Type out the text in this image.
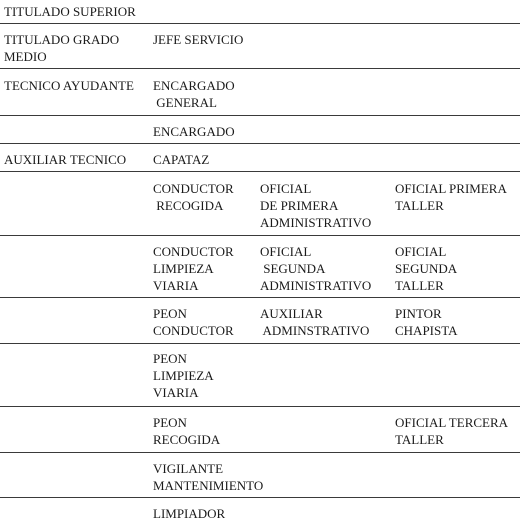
TITULADO SUPERIOR
TITULADO GRADO
MEDIO
JEFE SERVICIO
TECNICO AYUDANTE ENCARGADO
GENERAL
ENCARGADO
AUXILIAR TECNICO CAPATAZ
CONDUCTOR
RECOGIDA
OFICIAL
DE PRIMERA
ADMINISTRATIVO
OFICIAL PRIMERA
TALLER
CONDUCTOR
LIMPIEZA
VIARIA
OFICIAL
SEGUNDA
ADMINISTRATIVO
OFICIAL
SEGUNDA
TALLER
PEON
CONDUCTOR
AUXILIAR
ADMINSTRATIVO
PINTOR
CHAPISTA
PEON
LIMPIEZA
VIARIA
PEON
RECOGIDA
OFICIAL TERCERA
TALLER
VIGILANTE
MANTENIMIENTO
LIMPIADOR
